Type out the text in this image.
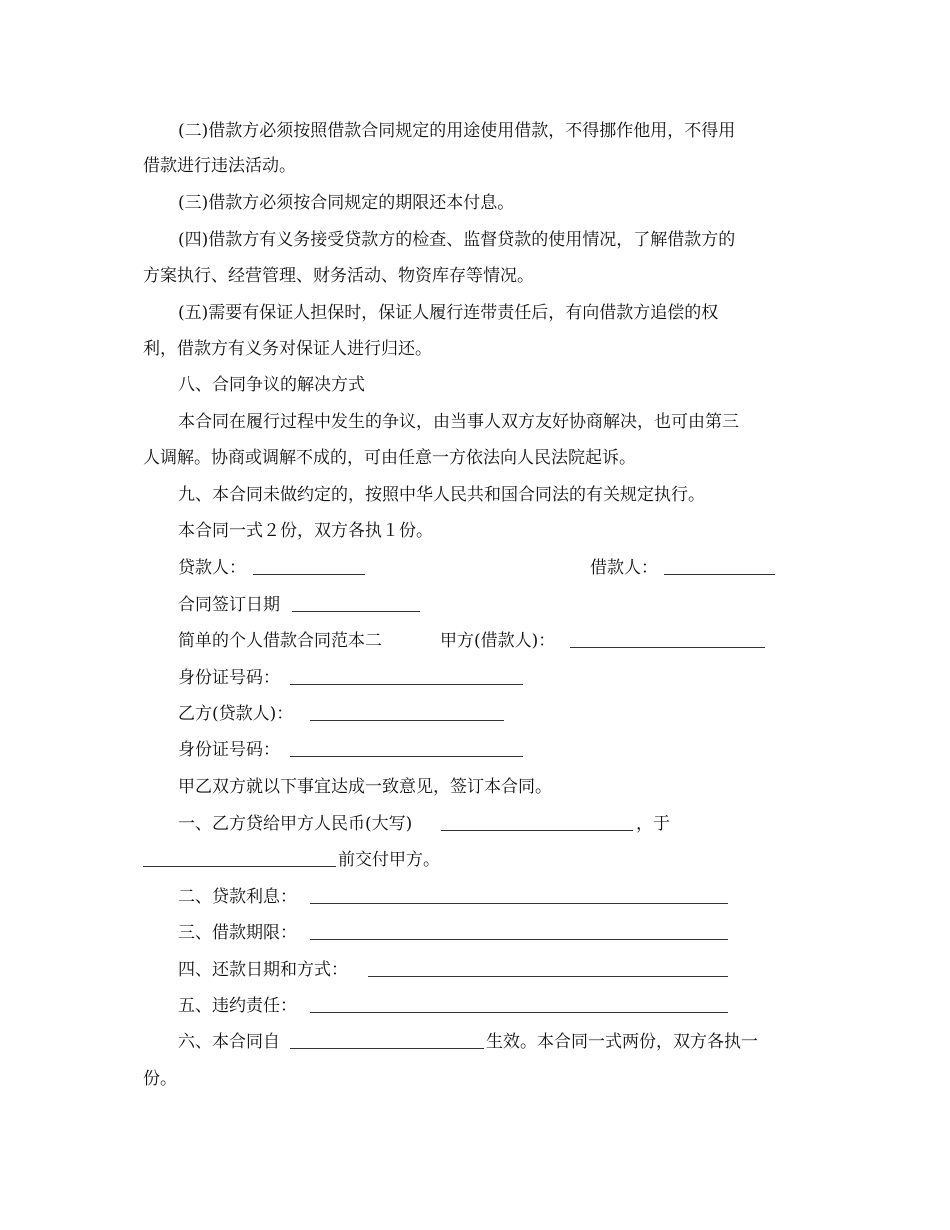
(二)借款方必须按照借款合同规定的用途使用借款，不得挪作他用，不得用
借款进行违法活动。
(三)借款方必须按合同规定的期限还本付息。
(四)借款方有义务接受贷款方的检查、监督贷款的使用情况，了解借款方的
方案执行、经营管理、财务活动、物资库存等情况。
(五)需要有保证人担保时，保证人履行连带责任后，有向借款方追偿的权
利，借款方有义务对保证人进行归还。
八、合同争议的解决方式
本合同在履行过程中发生的争议，由当事人双方友好协商解决，也可由第三
人调解。协商或调解不成的，可由任意一方依法向人民法院起诉。
九、本合同未做约定的，按照中华人民共和国合同法的有关规定执行。
本合同一式２份，双方各执１份。
贷款人：	借款人：
合同签订日期
简单的个人借款合同范本二	甲方(借款人)：
身份证号码：
乙方(贷款人)：
身份证号码：
甲乙双方就以下事宜达成一致意见，签订本合同。
一、乙方贷给甲方人民币(大写)	，于
前交付甲方。
二、贷款利息：
三、借款期限：
四、还款日期和方式：
五、违约责任：
六、本合同自	生效。本合同一式两份，双方各执一
份。
